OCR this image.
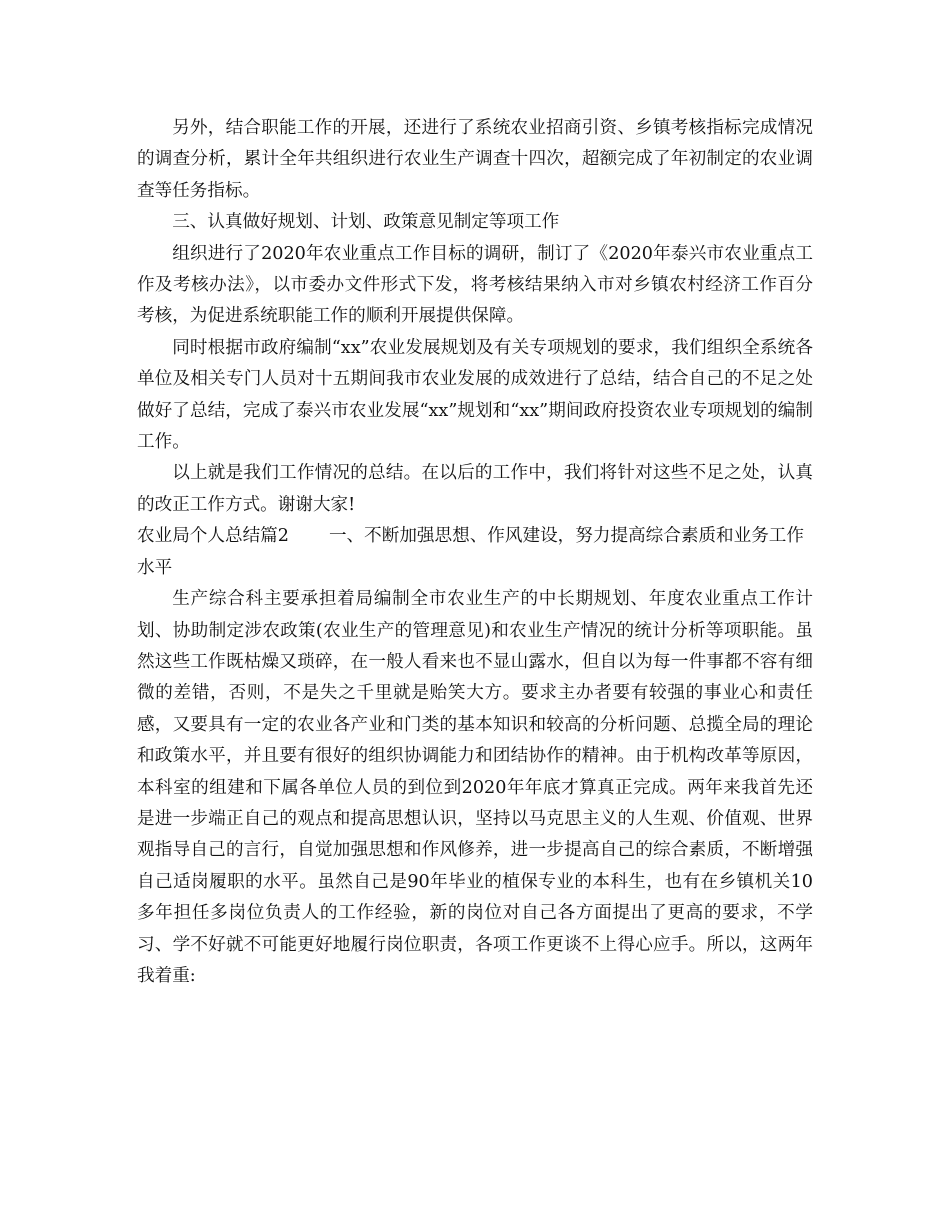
另外，结合职能工作的开展，还进行了系统农业招商引资、乡镇考核指标完成情况的调查分析，累计全年共组织进行农业生产调查十四次，超额完成了年初制定的农业调查等任务指标。

三、认真做好规划、计划、政策意见制定等项工作

组织进行了2020年农业重点工作目标的调研，制订了《2020年泰兴市农业重点工作及考核办法》，以市委办文件形式下发，将考核结果纳入市对乡镇农村经济工作百分考核，为促进系统职能工作的顺利开展提供保障。

同时根据市政府编制“xx”农业发展规划及有关专项规划的要求，我们组织全系统各单位及相关专门人员对十五期间我市农业发展的成效进行了总结，结合自己的不足之处做好了总结，完成了泰兴市农业发展“xx”规划和“xx”期间政府投资农业专项规划的编制工作。

以上就是我们工作情况的总结。在以后的工作中，我们将针对这些不足之处，认真的改正工作方式。谢谢大家!

农业局个人总结篇2 一、不断加强思想、作风建设，努力提高综合素质和业务工作水平

生产综合科主要承担着局编制全市农业生产的中长期规划、年度农业重点工作计划、协助制定涉农政策(农业生产的管理意见)和农业生产情况的统计分析等项职能。虽然这些工作既枯燥又琐碎，在一般人看来也不显山露水，但自以为每一件事都不容有细微的差错，否则，不是失之千里就是贻笑大方。要求主办者要有较强的事业心和责任感，又要具有一定的农业各产业和门类的基本知识和较高的分析问题、总揽全局的理论和政策水平，并且要有很好的组织协调能力和团结协作的精神。由于机构改革等原因，本科室的组建和下属各单位人员的到位到2020年年底才算真正完成。两年来我首先还是进一步端正自己的观点和提高思想认识，坚持以马克思主义的人生观、价值观、世界观指导自己的言行，自觉加强思想和作风修养，进一步提高自己的综合素质，不断增强自己适岗履职的水平。虽然自己是90年毕业的植保专业的本科生，也有在乡镇机关10多年担任多岗位负责人的工作经验，新的岗位对自己各方面提出了更高的要求，不学习、学不好就不可能更好地履行岗位职责，各项工作更谈不上得心应手。所以，这两年我着重:
